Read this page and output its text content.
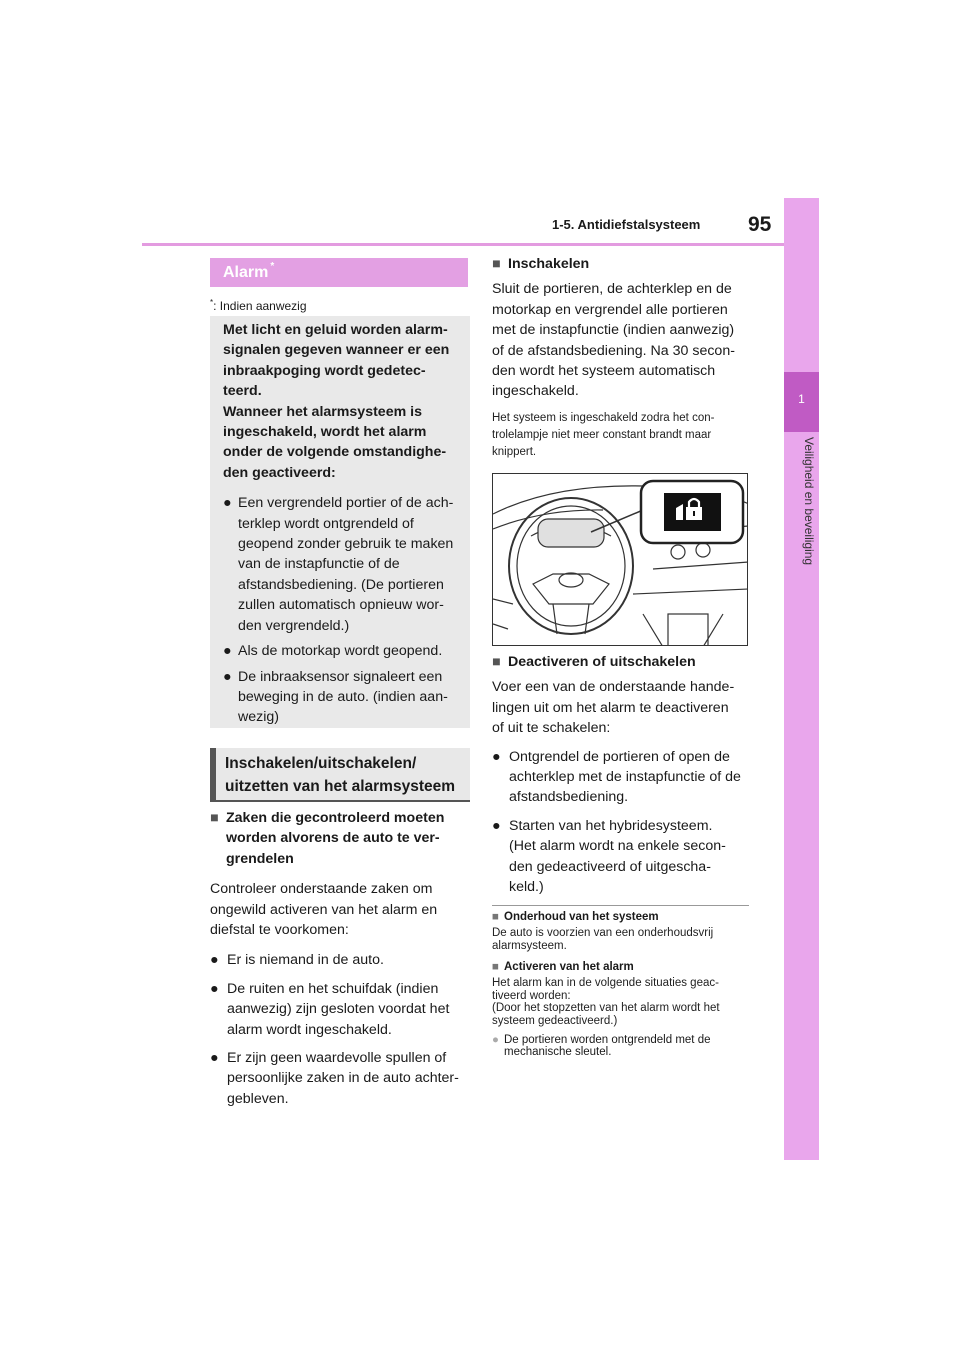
1-5. Antidiefstalsysteem 95
1
Veiligheid en beveiliging
Alarm*
*: Indien aanwezig

Met licht en geluid worden alarm-
signalen gegeven wanneer er een
inbraakpoging wordt gedetec-
teerd.
Wanneer het alarmsysteem is
ingeschakeld, wordt het alarm
onder de volgende omstandighe-
den geactiveerd:

● Een vergrendeld portier of de ach-
terklep wordt ontgrendeld of
geopend zonder gebruik te maken
van de instapfunctie of de
afstandsbediening. (De portieren
zullen automatisch opnieuw wor-
den vergrendeld.)
● Als de motorkap wordt geopend.
● De inbraaksensor signaleert een
beweging in de auto. (indien aan-
wezig)
Inschakelen/uitschakelen/
uitzetten van het alarmsysteem
■ Zaken die gecontroleerd moeten
worden alvorens de auto te ver-
grendelen
Controleer onderstaande zaken om
ongewild activeren van het alarm en
diefstal te voorkomen:
● Er is niemand in de auto.
● De ruiten en het schuifdak (indien
aanwezig) zijn gesloten voordat het
alarm wordt ingeschakeld.
● Er zijn geen waardevolle spullen of
persoonlijke zaken in de auto achter-
gebleven.
■ Inschakelen
Sluit de portieren, de achterklep en de
motorkap en vergrendel alle portieren
met de instapfunctie (indien aanwezig)
of de afstandsbediening. Na 30 secon-
den wordt het systeem automatisch
ingeschakeld.
Het systeem is ingeschakeld zodra het con-
trolelampje niet meer constant brandt maar
knippert.
■ Deactiveren of uitschakelen
Voer een van de onderstaande hande-
lingen uit om het alarm te deactiveren
of uit te schakelen:
● Ontgrendel de portieren of open de
achterklep met de instapfunctie of de
afstandsbediening.
● Starten van het hybridesysteem.
(Het alarm wordt na enkele secon-
den gedeactiveerd of uitgescha-
keld.)
■ Onderhoud van het systeem
De auto is voorzien van een onderhoudsvrij
alarmsysteem.
■ Activeren van het alarm
Het alarm kan in de volgende situaties geac-
tiveerd worden:
(Door het stopzetten van het alarm wordt het
systeem gedeactiveerd.)
● De portieren worden ontgrendeld met de
mechanische sleutel.
